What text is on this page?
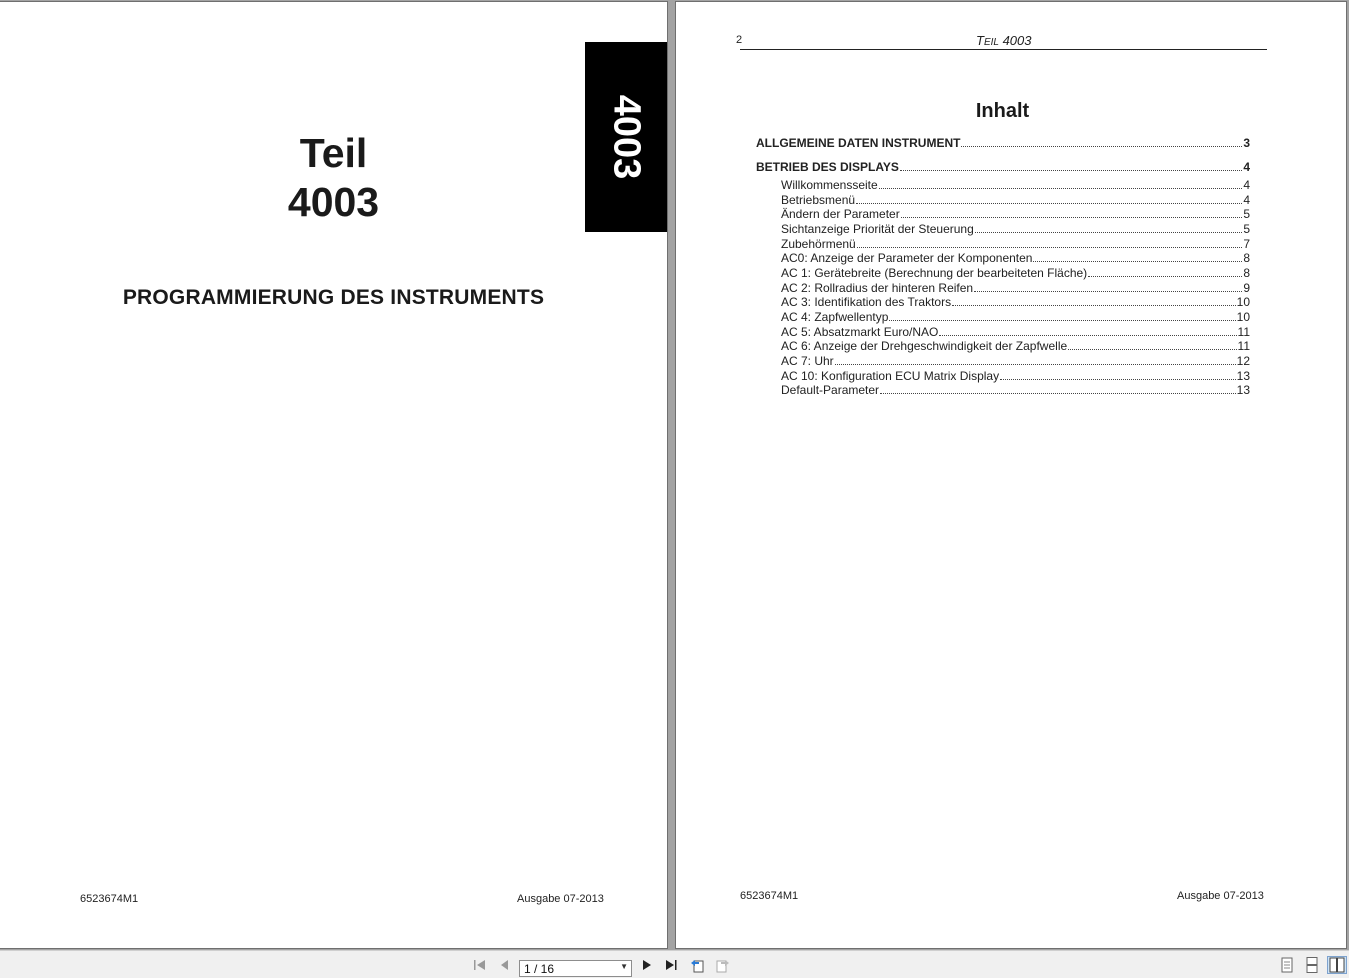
4003
Teil
4003
PROGRAMMIERUNG DES INSTRUMENTS
6523674M1	Ausgabe 07-2013
2	TEIL 4003
Inhalt
ALLGEMEINE DATEN INSTRUMENT	3
BETRIEB DES DISPLAYS	4
Willkommensseite	4
Betriebsmenü	4
Ändern der Parameter	5
Sichtanzeige Priorität der Steuerung	5
Zubehörmenü	7
AC0: Anzeige der Parameter der Komponenten	8
AC 1: Gerätebreite (Berechnung der bearbeiteten Fläche)	8
AC 2: Rollradius der hinteren Reifen	9
AC 3: Identifikation des Traktors	10
AC 4: Zapfwellentyp	10
AC 5: Absatzmarkt Euro/NAO	11
AC 6: Anzeige der Drehgeschwindigkeit der Zapfwelle	11
AC 7: Uhr	12
AC 10: Konfiguration ECU Matrix Display	13
Default-Parameter	13
6523674M1	Ausgabe 07-2013
1 / 16	▼
